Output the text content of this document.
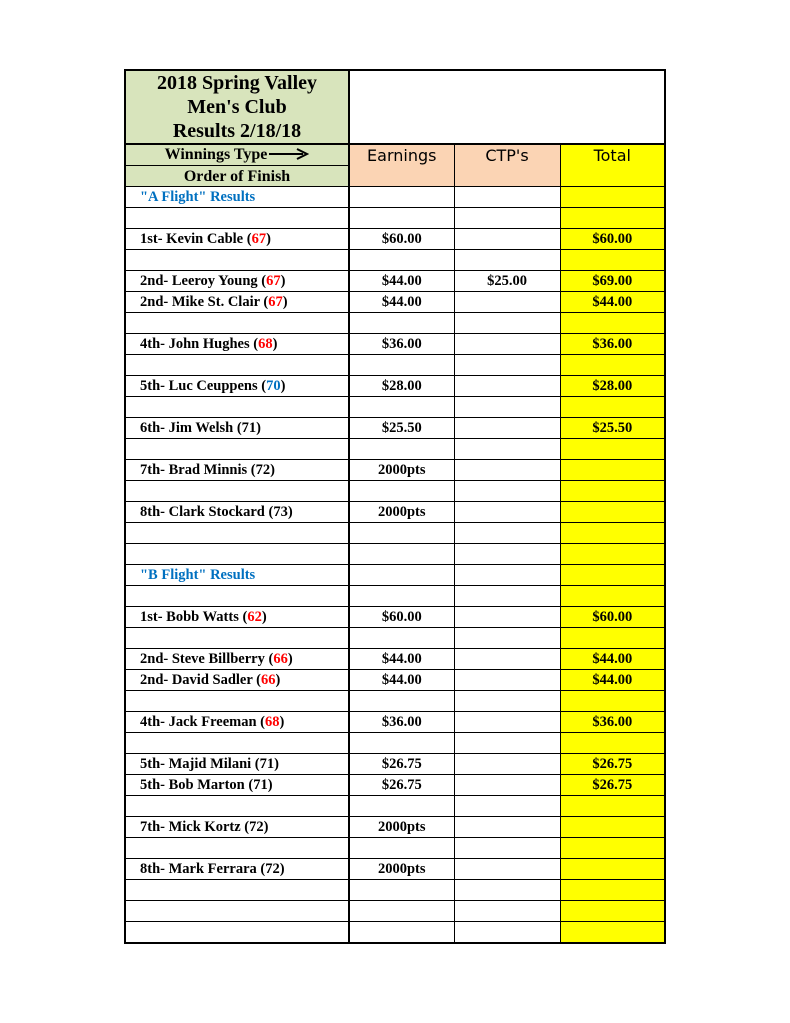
2018 Spring Valley
Men's Club
Results 2/18/18			

Winnings Type	Earnings	CTP's	Total
Order of Finish			
"A Flight" Results			

1st- Kevin Cable (67)	$60.00		$60.00

2nd- Leeroy Young (67)	$44.00	$25.00	$69.00
2nd- Mike St. Clair (67)	$44.00		$44.00

4th- John Hughes (68)	$36.00		$36.00

5th- Luc Ceuppens (70)	$28.00		$28.00

6th- Jim Welsh (71)	$25.50		$25.50

7th- Brad Minnis (72)	2000pts		

8th- Clark Stockard (73)	2000pts		

"B Flight" Results			

1st- Bobb Watts (62)	$60.00		$60.00

2nd- Steve Billberry (66)	$44.00		$44.00
2nd- David Sadler (66)	$44.00		$44.00

4th- Jack Freeman (68)	$36.00		$36.00

5th- Majid Milani (71)	$26.75		$26.75
5th- Bob Marton (71)	$26.75		$26.75

7th- Mick Kortz (72)	2000pts		

8th- Mark Ferrara (72)	2000pts		
